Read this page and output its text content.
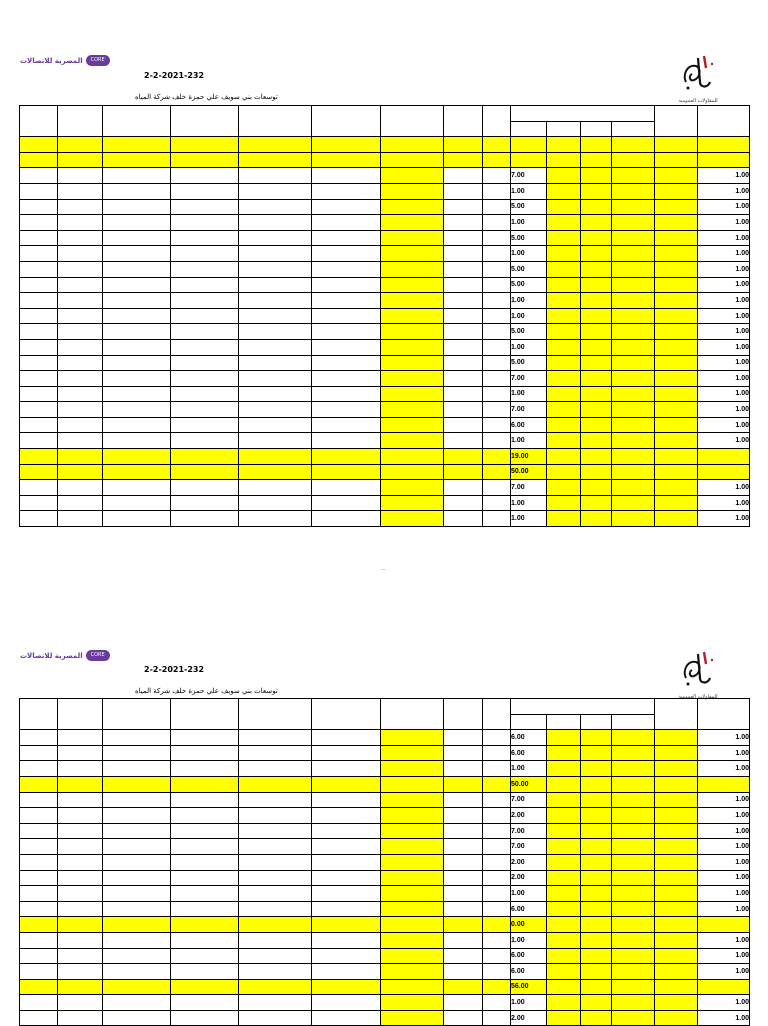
المصرية للاتصالات	CORE
للمقاولات العمومية
2-2-2021-232
توسعات بني سويف علي حمزة خلف شركة المياه

									7.00					1.00
									1.00					1.00
									5.00					1.00
									1.00					1.00
									5.00					1.00
									1.00					1.00
									5.00					1.00
									5.00					1.00
									1.00					1.00
									1.00					1.00
									5.00					1.00
									1.00					1.00
									5.00					1.00
									7.00					1.00
									1.00					1.00
									7.00					1.00
									6.00					1.00
									1.00					1.00
									19.00					
									50.00					
									7.00					1.00
									1.00					1.00
									1.00					1.00
--
المصرية للاتصالات	CORE
للمقاولات العمومية
2-2-2021-232
توسعات بني سويف علي حمزة خلف شركة المياه

									6.00					1.00
									6.00					1.00
									1.00					1.00
									50.00					
									7.00					1.00
									2.00					1.00
									7.00					1.00
									7.00					1.00
									2.00					1.00
									2.00					1.00
									1.00					1.00
									6.00					1.00
									0.00					
									1.00					1.00
									6.00					1.00
									6.00					1.00
									56.00					
									1.00					1.00
									2.00					1.00
